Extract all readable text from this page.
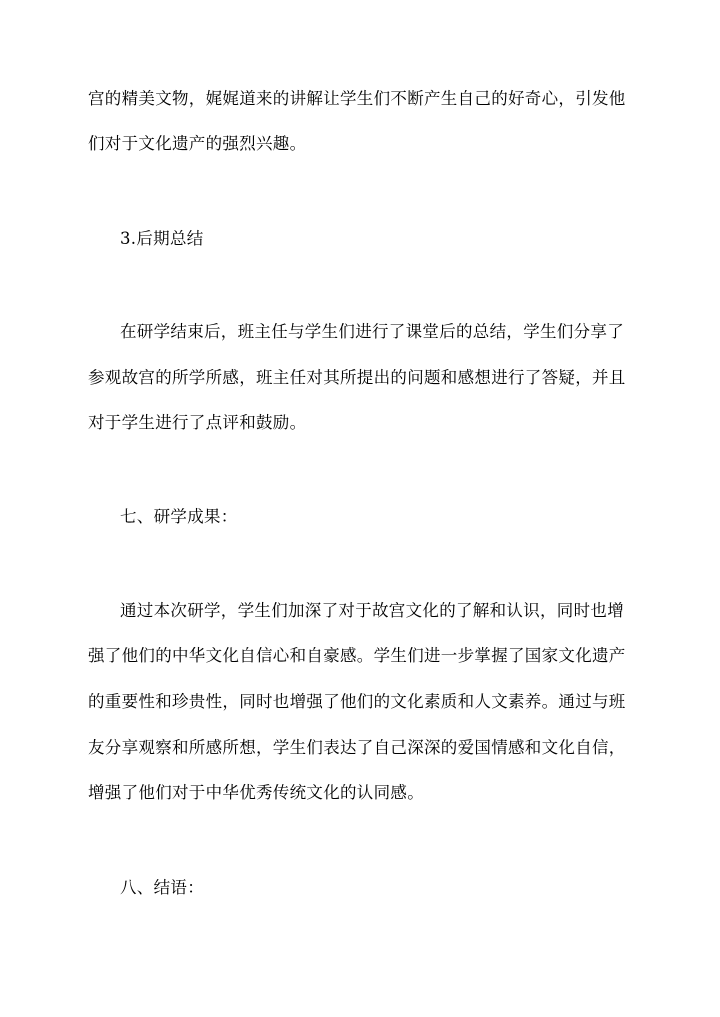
宫的精美文物，娓娓道来的讲解让学生们不断产生自己的好奇心，引发他
们对于文化遗产的强烈兴趣。
3.后期总结
在研学结束后，班主任与学生们进行了课堂后的总结，学生们分享了
参观故宫的所学所感，班主任对其所提出的问题和感想进行了答疑，并且
对于学生进行了点评和鼓励。
七、研学成果：
通过本次研学，学生们加深了对于故宫文化的了解和认识，同时也增
强了他们的中华文化自信心和自豪感。学生们进一步掌握了国家文化遗产
的重要性和珍贵性，同时也增强了他们的文化素质和人文素养。通过与班
友分享观察和所感所想，学生们表达了自己深深的爱国情感和文化自信，
增强了他们对于中华优秀传统文化的认同感。
八、结语：
